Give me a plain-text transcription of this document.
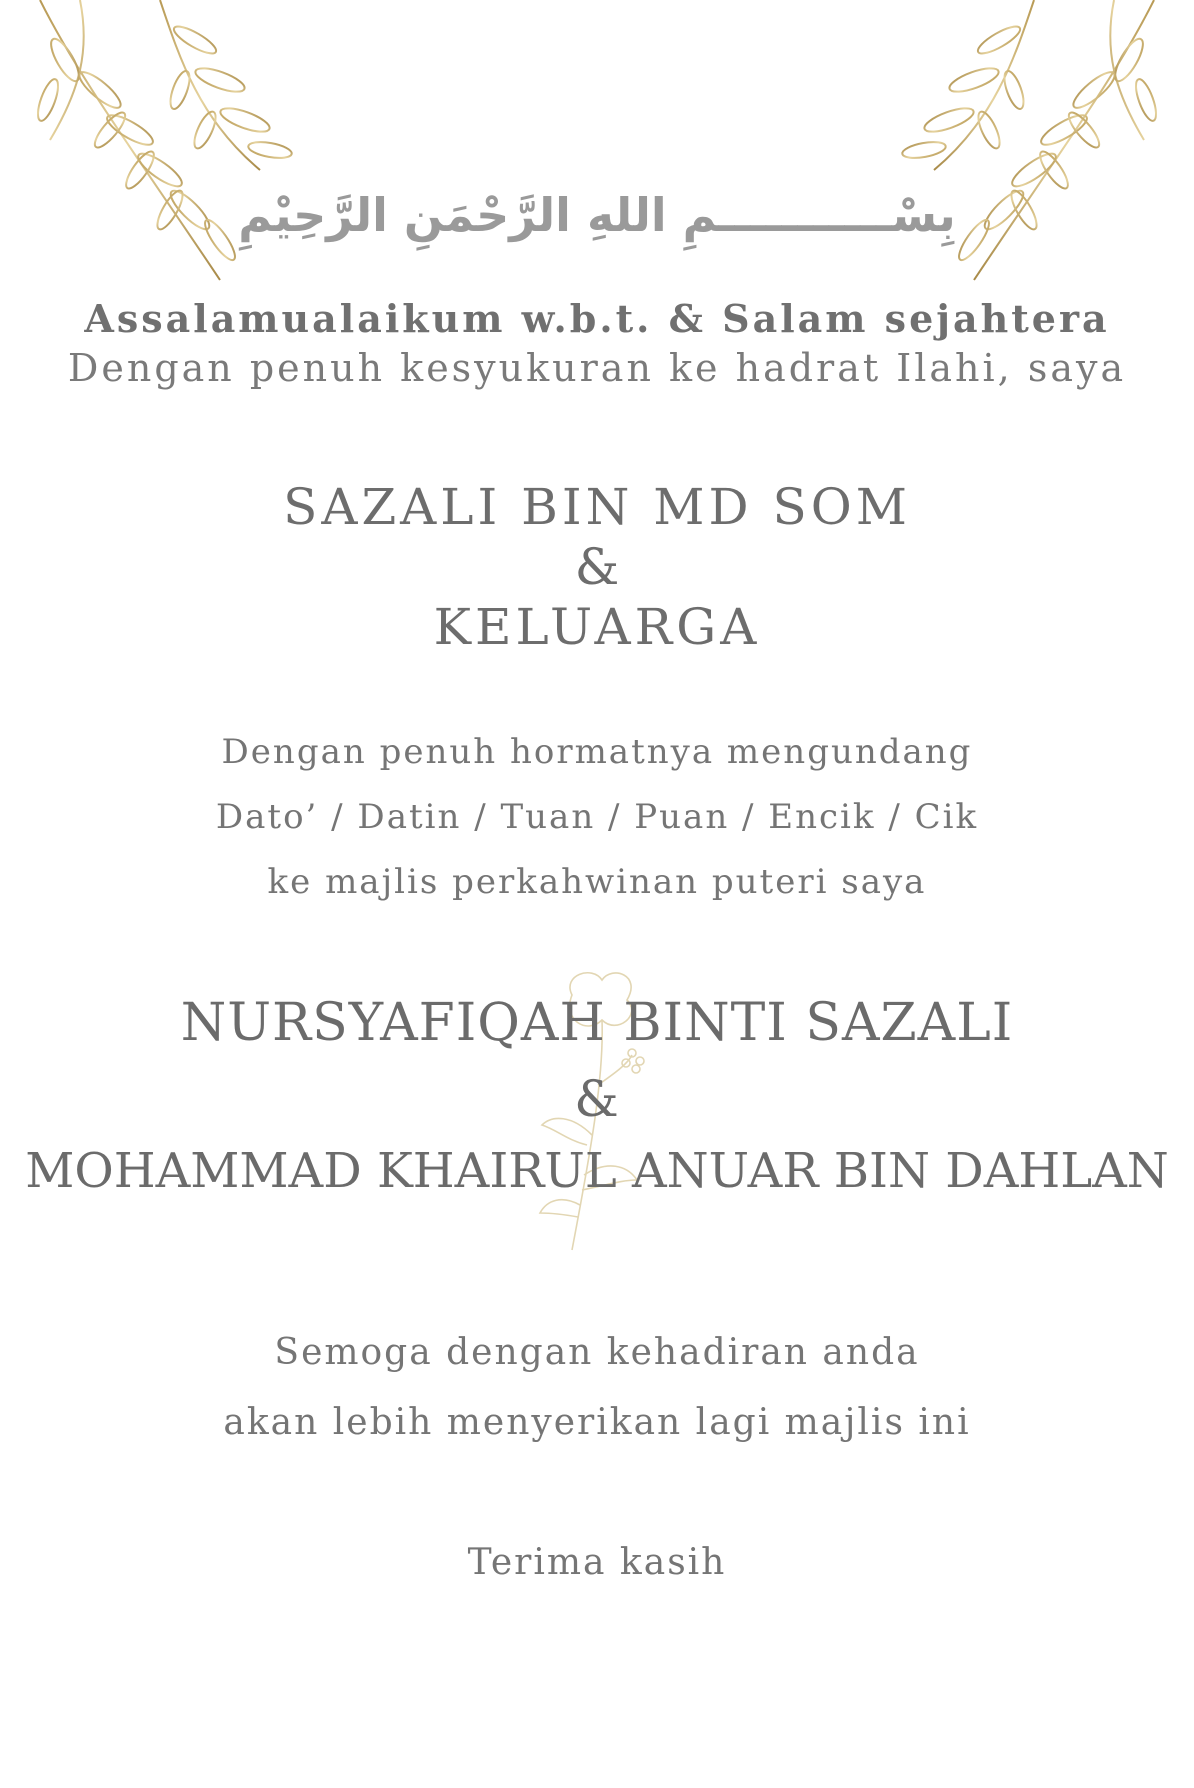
بِسْـــــــــــمِ اللهِ الرَّحْمَنِ الرَّحِيْمِ
Assalamualaikum w.b.t. & Salam sejahtera
Dengan penuh kesyukuran ke hadrat Ilahi, saya
SAZALI BIN MD SOM
&
KELUARGA
Dengan penuh hormatnya mengundang
Dato’ / Datin / Tuan / Puan / Encik / Cik
ke majlis perkahwinan puteri saya
NURSYAFIQAH BINTI SAZALI
&
MOHAMMAD KHAIRUL ANUAR BIN DAHLAN
Semoga dengan kehadiran anda
akan lebih menyerikan lagi majlis ini
Terima kasih
